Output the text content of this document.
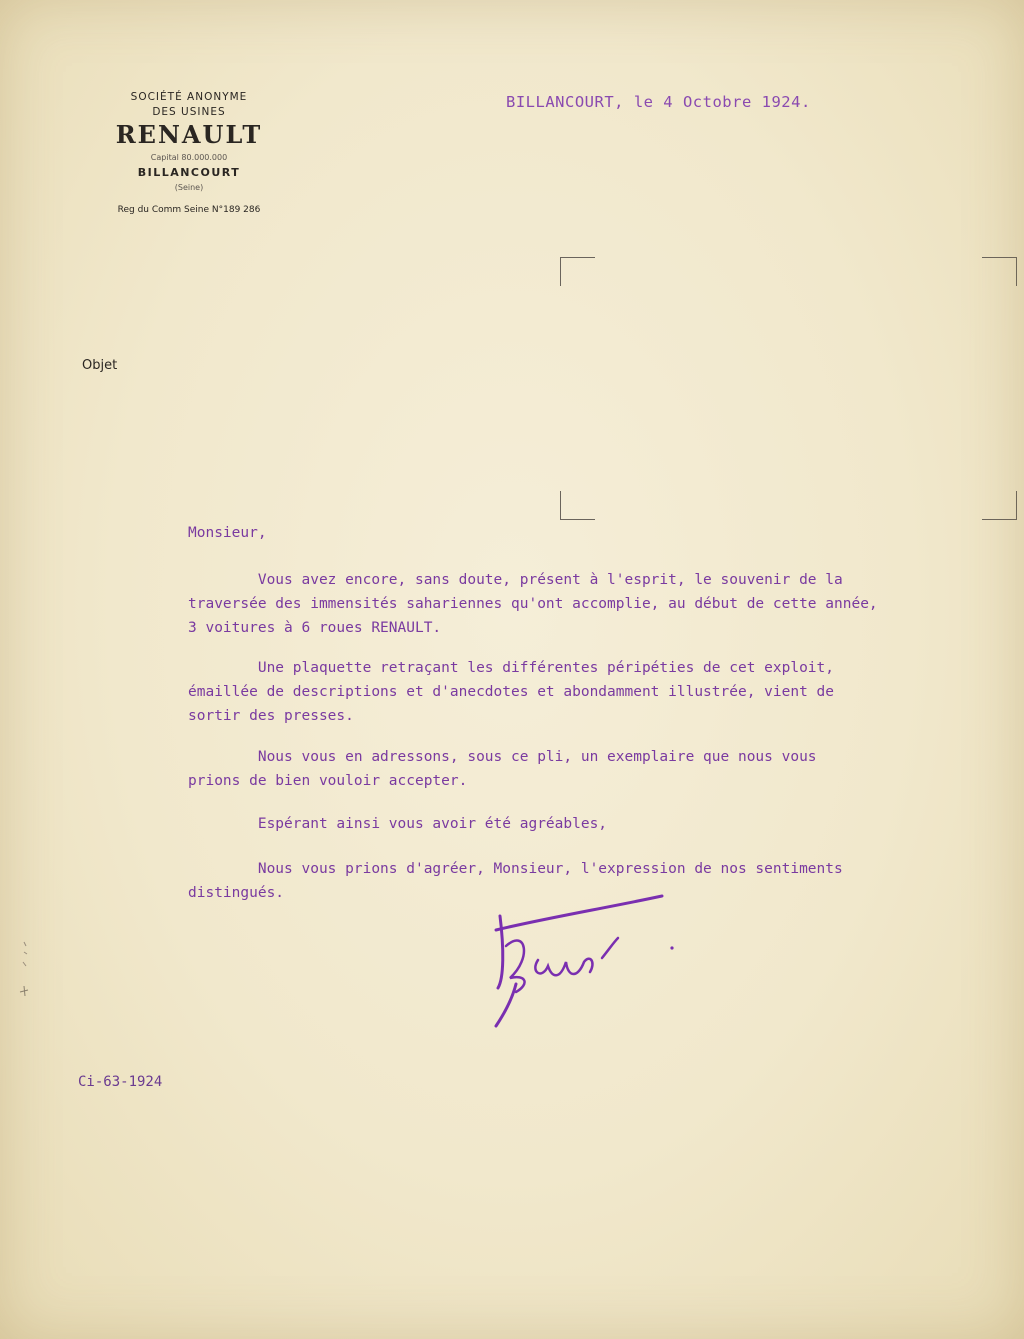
SOCIÉTÉ ANONYME
DES USINES
RENAULT
Capital 80.000.000
BILLANCOURT
(Seine)
Reg du Comm Seine N°189 286
BILLANCOURT, le 4 Octobre 1924.
Objet
Monsieur,
Vous avez encore, sans doute, présent à l'esprit, le souvenir de la
traversée des immensités sahariennes qu'ont accomplie, au début de cette année,
3 voitures à 6 roues RENAULT.
Une plaquette retraçant les différentes péripéties de cet exploit,
émaillée de descriptions et d'anecdotes et abondamment illustrée, vient de
sortir des presses.
Nous vous en adressons, sous ce pli, un exemplaire que nous vous
prions de bien vouloir accepter.
Espérant ainsi vous avoir été agréables,
Nous vous prions d'agréer, Monsieur, l'expression de nos sentiments
distingués.
Ci-63-1924
